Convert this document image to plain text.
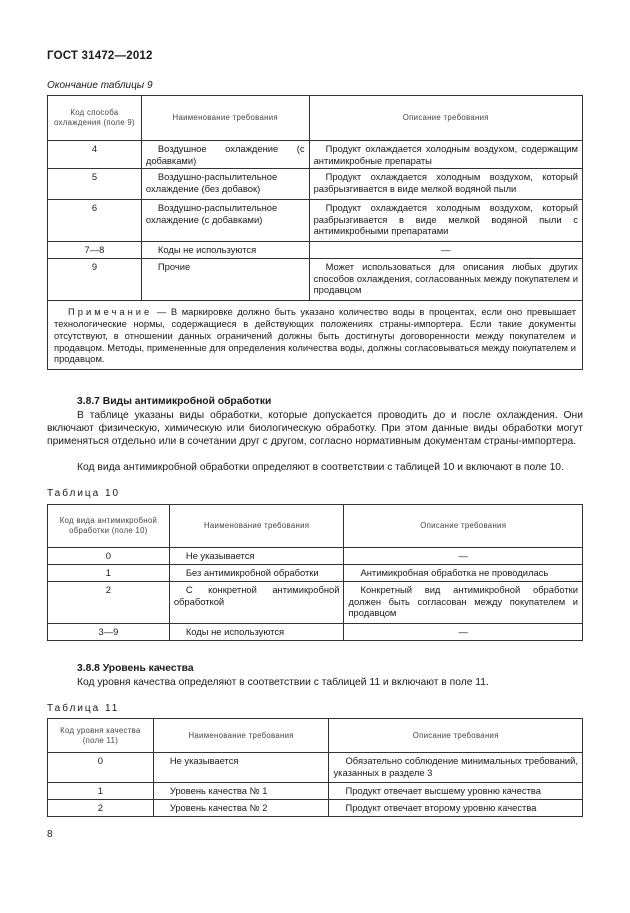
ГОСТ 31472—2012
Окончание таблицы 9
Код способа охлаждения (поле 9)	Наименование требования	Описание требования
4	Воздушное охлаждение (с добавками)	Продукт охлаждается холодным воздухом, содержащим антимикробные препараты

5	Воздушно-распылительное охлаждение (без добавок)	Продукт охлаждается холодным воздухом, который разбрызгивается в виде мелкой водяной пыли

6	Воздушно-распылительное охлаждение (с добавками)	Продукт охлаждается холодным воздухом, который разбрызгивается в виде мелкой водяной пыли с антимикробными препаратами

7—8	Коды не используются	—
9	Прочие	Может использоваться для описания любых других способов охлаждения, согласованных между покупателем и продавцом

Примечание — В маркировке должно быть указано количество воды в процентах, если оно превышает технологические нормы, содержащиеся в действующих положениях страны-импортера. Если такие документы отсутствуют, в отношении данных ограничений должны быть достигнуты договоренности между покупателем и продавцом. Методы, примененные для определения количества воды, должны согласовываться между покупателем и продавцом.		
3.8.7 Виды антимикробной обработки
В таблице указаны виды обработки, которые допускается проводить до и после охлаждения. Они включают физическую, химическую или биологическую обработку. При этом данные виды обработки могут применяться отдельно или в сочетании друг с другом, согласно нормативным документам страны-импортера.
Код вида антимикробной обработки определяют в соответствии с таблицей 10 и включают в поле 10.
Таблица 10
Код вида антимикробной обработки (поле 10)	Наименование требования	Описание требования
0	Не указывается	—
1	Без антимикробной обработки	Антимикробная обработка не проводилась

2	С конкретной антимикробной обработкой	Конкретный вид антимикробной обработки должен быть согласован между покупателем и продавцом

3—9	Коды не используются	—
3.8.8 Уровень качества
Код уровня качества определяют в соответствии с таблицей 11 и включают в поле 11.
Таблица 11
Код уровня качества (поле 11)	Наименование требования	Описание требования
0	Не указывается	Обязательно соблюдение минимальных требований, указанных в разделе 3

1	Уровень качества № 1	Продукт отвечает высшему уровню качества

2	Уровень качества № 2	Продукт отвечает второму уровню качества
8
